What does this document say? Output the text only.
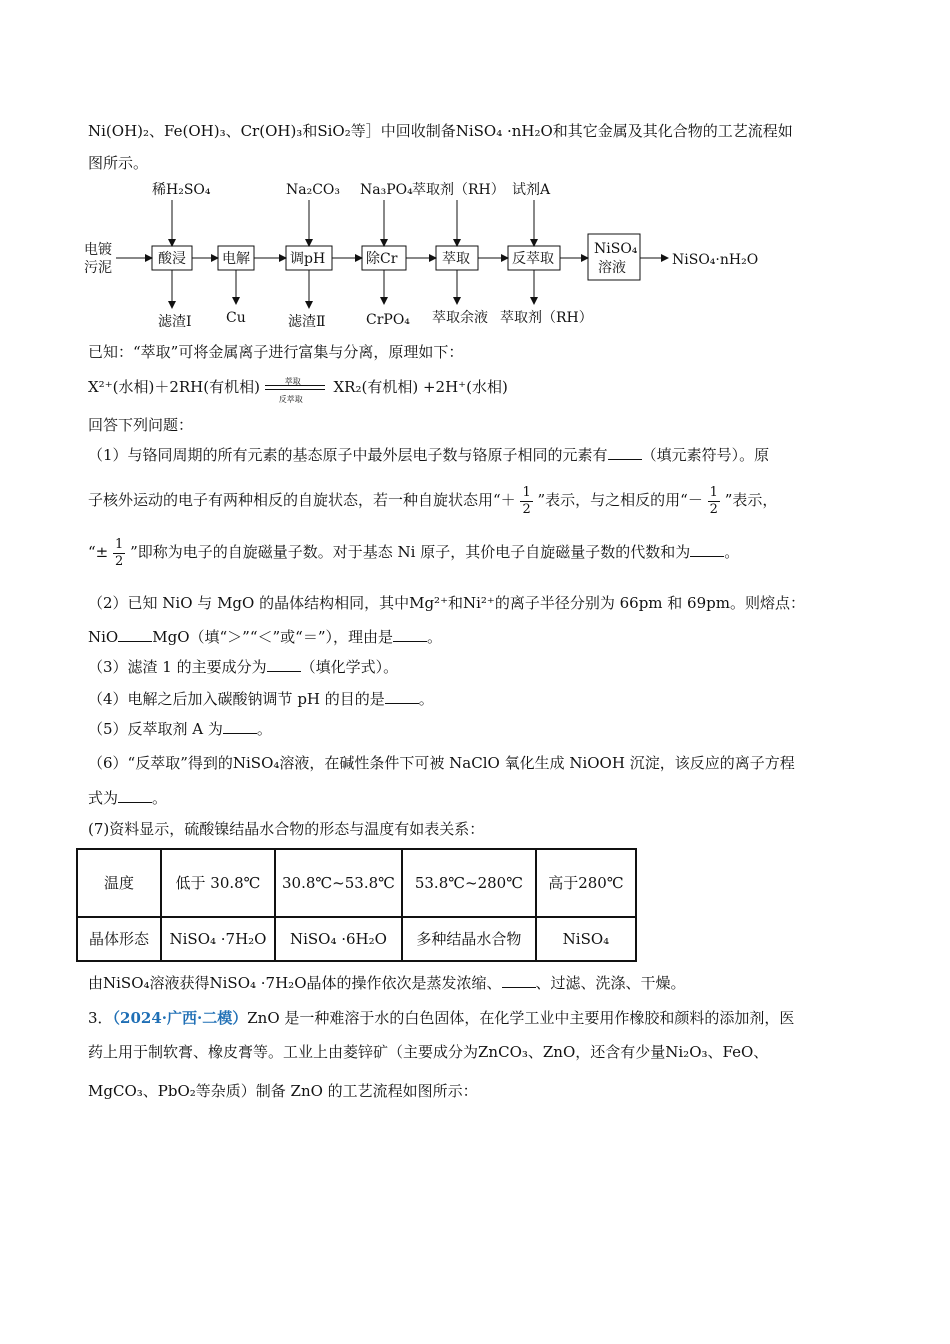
Ni(OH)₂、Fe(OH)₃、Cr(OH)₃和SiO₂等］中回收制备NiSO₄ ·nH₂O和其它金属及其化合物的工艺流程如
图所示。
电镀
污泥
酸浸	电解	调pH	除Cr	萃取	反萃取
NiSO₄
溶液	NiSO₄·nH₂O
稀H₂SO₄	Na₂CO₃ Na₃PO₄ 萃取剂（RH） 试剂A
滤渣Ⅰ Cu	滤渣Ⅱ	CrPO₄ 萃取余液 萃取剂（RH）
已知：“萃取”可将金属离子进行富集与分离，原理如下：
X²⁺(水相)＋2RH(有机相)	萃取
反萃取
XR₂(有机相) +2H⁺(水相)
回答下列问题：
（1）与铬同周期的所有元素的基态原子中最外层电子数与铬原子相同的元素有 （填元素符号）。原
子核外运动的电子有两种相反的自旋状态，若一种自旋状态用“＋ $\frac{1}{2}$ ”表示，与之相反的用“－ $\frac{1}{2}$ ”表示，
“± $\frac{1}{2}$ ”即称为电子的自旋磁量子数。对于基态 Ni 原子，其价电子自旋磁量子数的代数和为 。
（2）已知 NiO 与 MgO 的晶体结构相同，其中Mg²⁺和Ni²⁺的离子半径分别为 66pm 和 69pm。则熔点：
NiO MgO（填“＞”“＜”或“＝”），理由是 。
（3）滤渣 1 的主要成分为 （填化学式）。
（4）电解之后加入碳酸钠调节 pH 的目的是 。
（5）反萃取剂 A 为 。
（6）“反萃取”得到的NiSO₄溶液，在碱性条件下可被 NaClO 氧化生成 NiOOH 沉淀，该反应的离子方程
式为 。
(7)资料显示，硫酸镍结晶水合物的形态与温度有如表关系：
温度	低于 30.8℃	30.8℃~53.8℃	53.8℃~280℃	高于280℃
晶体形态	NiSO₄ ·7H₂O	NiSO₄ ·6H₂O	多种结晶水合物	NiSO₄
由NiSO₄溶液获得NiSO₄ ·7H₂O晶体的操作依次是蒸发浓缩、 、过滤、洗涤、干燥。
3．（2024·广西·二模）ZnO 是一种难溶于水的白色固体，在化学工业中主要用作橡胶和颜料的添加剂，医
药上用于制软膏、橡皮膏等。工业上由菱锌矿（主要成分为ZnCO₃、ZnO，还含有少量Ni₂O₃、FeO、
MgCO₃、PbO₂等杂质）制备 ZnO 的工艺流程如图所示：
